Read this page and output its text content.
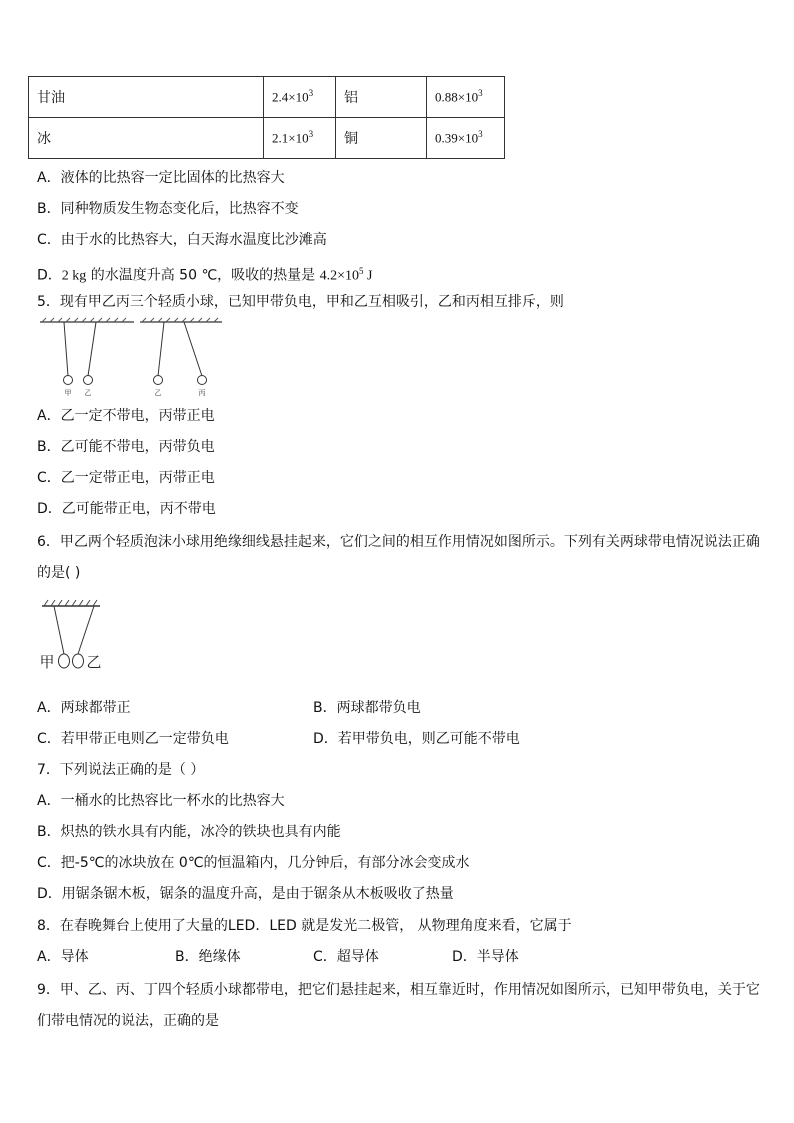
甘油	$2.4\times 10^3$	铝	$0.88\times 10^3$
冰	$2.1\times 10^3$	铜	$0.39\times 10^3$
A．液体的比热容一定比固体的比热容大
B．同种物质发生物态变化后，比热容不变
C．由于水的比热容大，白天海水温度比沙滩高
D．2 kg 的水温度升高 50 ℃，吸收的热量是 $4.2\times 10^5$ J
5．现有甲乙丙三个轻质小球，已知甲带负电，甲和乙互相吸引，乙和丙相互排斥，则
甲 乙	乙	丙
A．乙一定不带电，丙带正电
B．乙可能不带电，丙带负电
C．乙一定带正电，丙带正电
D．乙可能带正电，丙不带电
6．甲乙两个轻质泡沫小球用绝缘细线悬挂起来，它们之间的相互作用情况如图所示。下列有关两球带电情况说法正确
的是( )
甲 乙
A．两球都带正	B．两球都带负电
C．若甲带正电则乙一定带负电	D．若甲带负电，则乙可能不带电
7．下列说法正确的是（ ）
A．一桶水的比热容比一杯水的比热容大
B．炽热的铁水具有内能，冰冷的铁块也具有内能
C．把-5℃的冰块放在 0℃的恒温箱内，几分钟后，有部分冰会变成水
D．用锯条锯木板，锯条的温度升高，是由于锯条从木板吸收了热量
8．在春晚舞台上使用了大量的LED．LED 就是发光二极管， 从物理角度来看，它属于
A．导体	B．绝缘体	C．超导体	D．半导体
9．甲、乙、丙、丁四个轻质小球都带电，把它们悬挂起来，相互靠近时，作用情况如图所示，已知甲带负电，关于它
们带电情况的说法，正确的是
